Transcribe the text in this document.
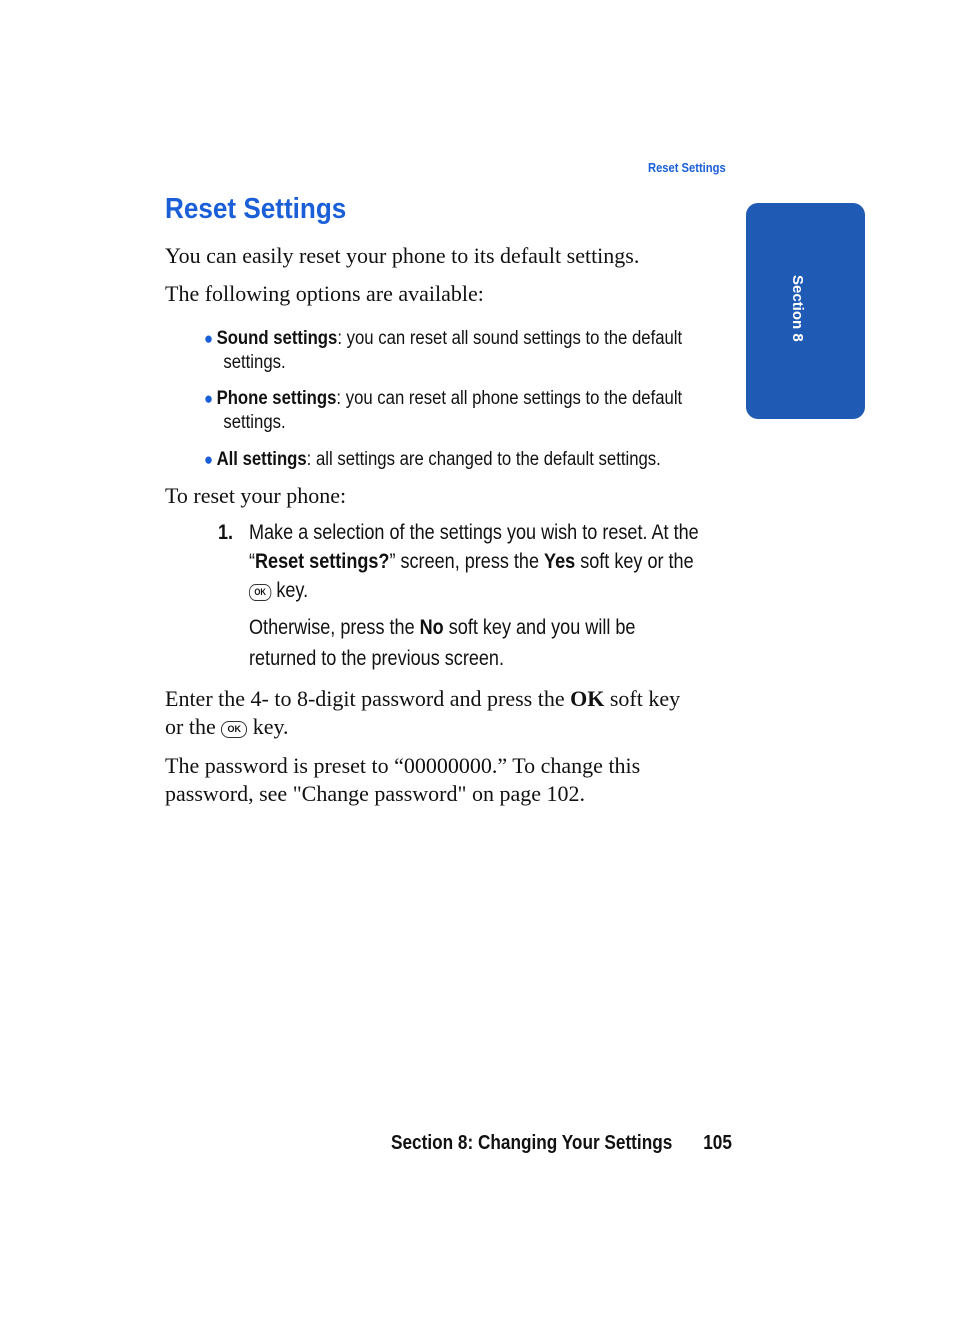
Reset Settings
Section 8
Reset Settings
You can easily reset your phone to its default settings.
The following options are available:
● Sound settings: you can reset all sound settings to the default
settings.
● Phone settings: you can reset all phone settings to the default
settings.
● All settings: all settings are changed to the default settings.
To reset your phone:
1. Make a selection of the settings you wish to reset. At the
“Reset settings?” screen, press the Yes soft key or the
OK key.
Otherwise, press the No soft key and you will be
returned to the previous screen.
Enter the 4- to 8-digit password and press the OK soft key
or the OK key.
The password is preset to “00000000.” To change this
password, see "Change password" on page 102.
Section 8: Changing Your Settings 105
